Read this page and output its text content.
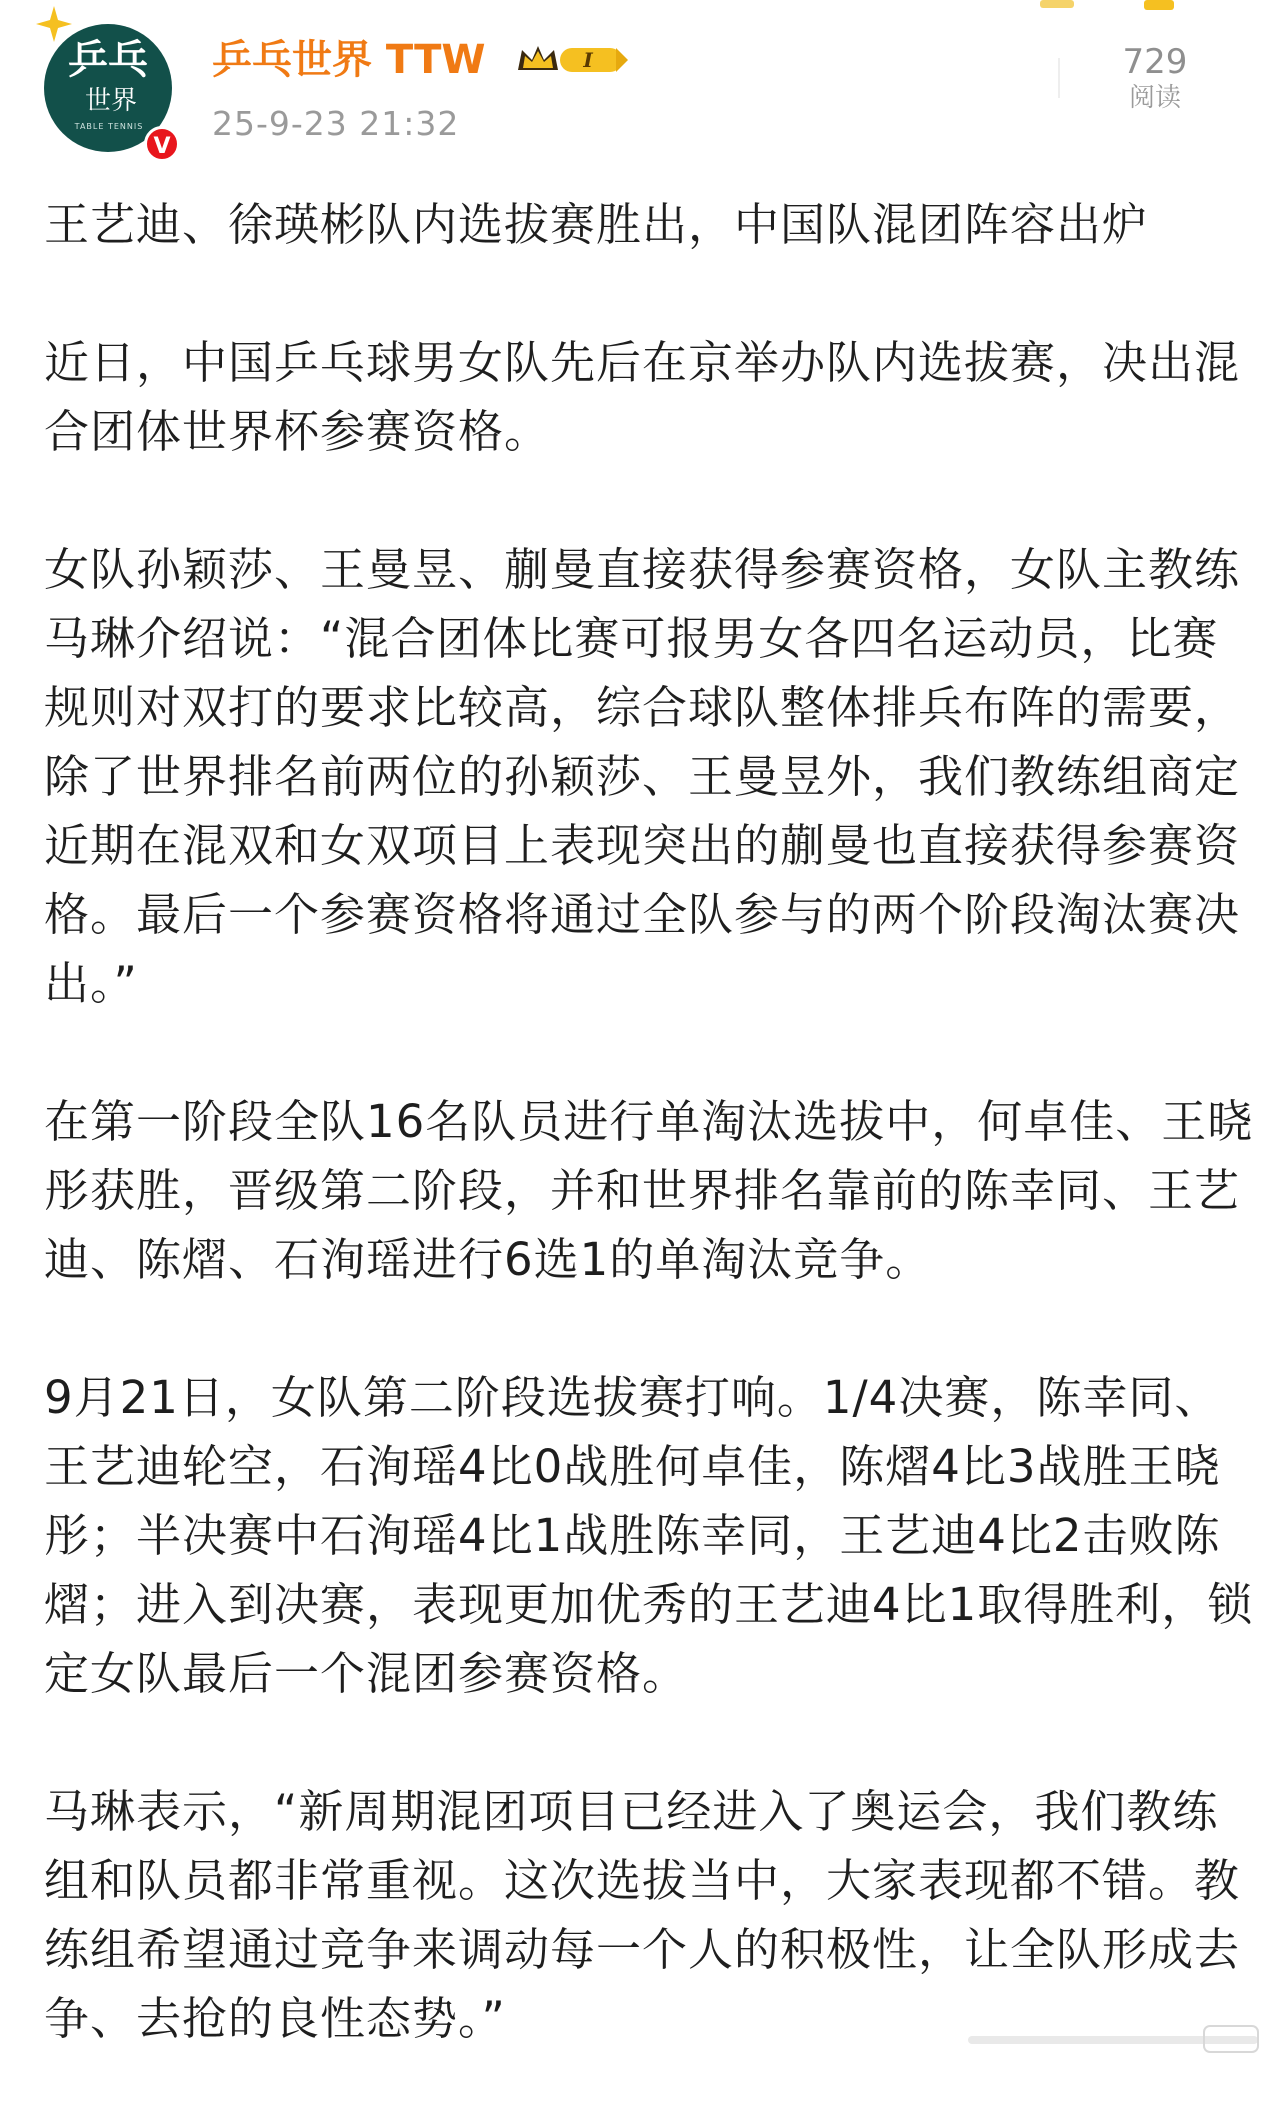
乒乓
世界
TABLE TENNIS
V
乒乓世界 TTW	I
25-9-23 21:32
729
阅读

王艺迪、徐瑛彬队内选拔赛胜出，中国队混团阵容出炉

近日，中国乒乓球男女队先后在京举办队内选拔赛，决出混合团体世界杯参赛资格。

女队孙颖莎、王曼昱、蒯曼直接获得参赛资格，女队主教练马琳介绍说：“混合团体比赛可报男女各四名运动员，比赛规则对双打的要求比较高，综合球队整体排兵布阵的需要，除了世界排名前两位的孙颖莎、王曼昱外，我们教练组商定近期在混双和女双项目上表现突出的蒯曼也直接获得参赛资格。最后一个参赛资格将通过全队参与的两个阶段淘汰赛决出。”

在第一阶段全队16名队员进行单淘汰选拔中，何卓佳、王晓彤获胜，晋级第二阶段，并和世界排名靠前的陈幸同、王艺迪、陈熠、石洵瑶进行6选1的单淘汰竞争。

9月21日，女队第二阶段选拔赛打响。1/4决赛，陈幸同、王艺迪轮空，石洵瑶4比0战胜何卓佳，陈熠4比3战胜王晓彤；半决赛中石洵瑶4比1战胜陈幸同，王艺迪4比2击败陈熠；进入到决赛，表现更加优秀的王艺迪4比1取得胜利，锁定女队最后一个混团参赛资格。

马琳表示，“新周期混团项目已经进入了奥运会，我们教练组和队员都非常重视。这次选拔当中，大家表现都不错。教练组希望通过竞争来调动每一个人的积极性，让全队形成去争、去抢的良性态势。”
